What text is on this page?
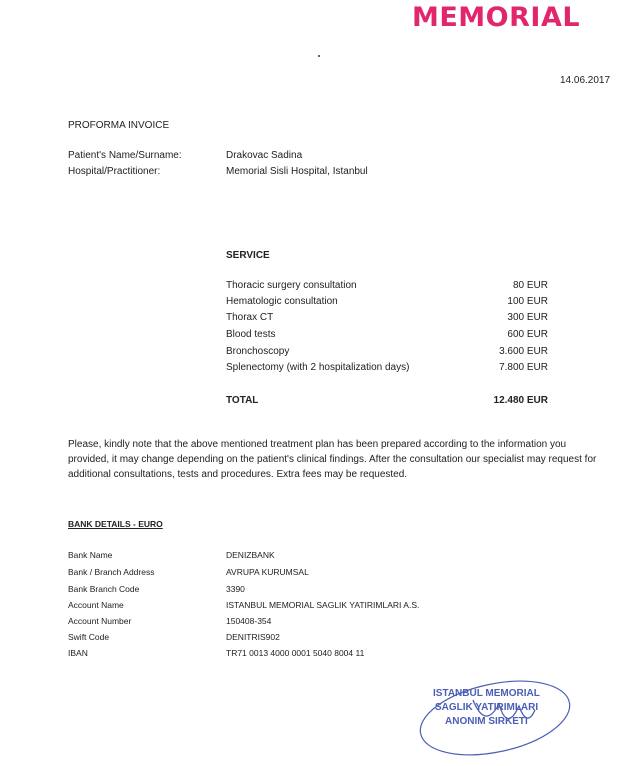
MEMORIAL
14.06.2017
PROFORMA INVOICE
Patient's Name/Surname:	Drakovac Sadina
Hospital/Practitioner:	Memorial Sisli Hospital, Istanbul
SERVICE
Thoracic surgery consultation	80 EUR
Hematologic consultation	100 EUR
Thorax CT	300 EUR
Blood tests	600 EUR
Bronchoscopy	3.600 EUR
Splenectomy (with 2 hospitalization days)	7.800 EUR
TOTAL	12.480 EUR
Please, kindly note that the above mentioned treatment plan has been prepared according to the information you provided, it may change depending on the patient's clinical findings. After the consultation our specialist may request for additional consultations, tests and procedures. Extra fees may be requested.
BANK DETAILS - EURO
Bank Name	DENIZBANK
Bank / Branch Address	AVRUPA KURUMSAL
Bank Branch Code	3390
Account Name	ISTANBUL MEMORIAL SAGLIK YATIRIMLARI A.S.
Account Number	150408-354
Swift Code	DENITRIS902
IBAN	TR71 0013 4000 0001 5040 8004 11
ISTANBUL MEMORIAL
SAGLIK YATIRIMLARI
ANONIM SIRKETI
